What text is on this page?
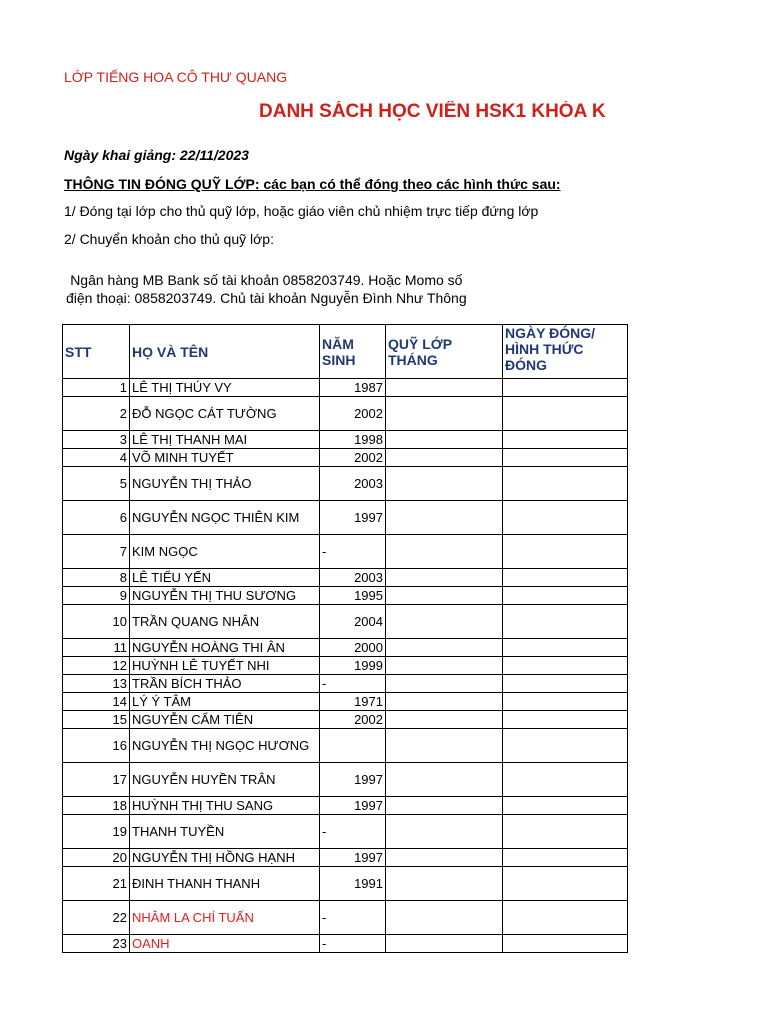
LỚP TIẾNG HOA CÔ THƯ QUANG
DANH SÁCH HỌC VIÊN HSK1 KHÓA K
Ngày khai giảng: 22/11/2023
THÔNG TIN ĐÓNG QUỸ LỚP: các bạn có thể đóng theo các hình thức sau:
1/ Đóng tại lớp cho thủ quỹ lớp, hoặc giáo viên chủ nhiệm trực tiếp đứng lớp
2/ Chuyển khoản cho thủ quỹ lớp:
Ngân hàng MB Bank số tài khoản 0858203749. Hoặc Momo số
điện thoại: 0858203749. Chủ tài khoản Nguyễn Đình Như Thông
STT	HỌ VÀ TÊN	NĂM SINH	QUỸ LỚP THÁNG	NGÀY ĐÓNG/ HÌNH THỨC ĐÓNG
1	LÊ THỊ THÚY VY	1987		
2	ĐỖ NGỌC CÁT TƯỜNG	2002		
3	LÊ THỊ THANH MAI	1998		
4	VÕ MINH TUYẾT	2002		
5	NGUYỄN THỊ THẢO	2003		
6	NGUYỄN NGỌC THIÊN KIM	1997		
7	KIM NGỌC	-		
8	LÊ TIỂU YẾN	2003		
9	NGUYỄN THỊ THU SƯƠNG	1995		
10	TRẦN QUANG NHÂN	2004		
11	NGUYỄN HOÀNG THI ÂN	2000		
12	HUỲNH LÊ TUYẾT NHI	1999		
13	TRẦN BÍCH THẢO	-		
14	LÝ Ý TÂM	1971		
15	NGUYỄN CẨM TIÊN	2002		
16	NGUYỄN THỊ NGỌC HƯƠNG			
17	NGUYỄN HUYỀN TRÂN	1997		
18	HUỲNH THỊ THU SANG	1997		
19	THANH TUYỀN	-		
20	NGUYỄN THỊ HỒNG HẠNH	1997		
21	ĐINH THANH THANH	1991		
22	NHÂM LA CHÍ TUẤN	-		
23	OANH	-		
